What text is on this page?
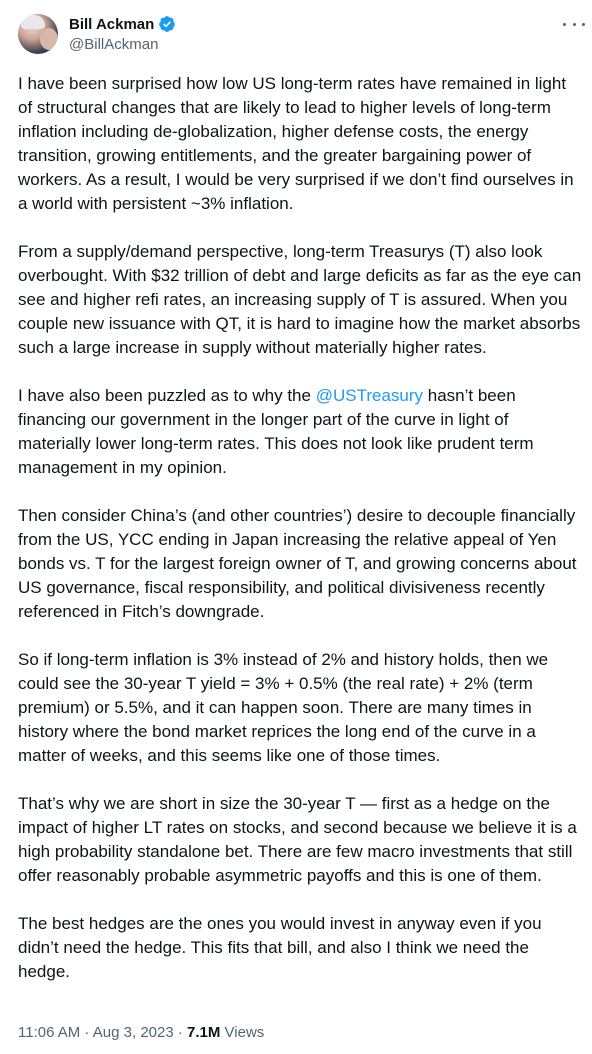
Bill Ackman
@BillAckman

I have been surprised how low US long-term rates have remained in light of structural changes that are likely to lead to higher levels of long-term inflation including de-globalization, higher defense costs, the energy transition, growing entitlements, and the greater bargaining power of workers. As a result, I would be very surprised if we don’t find ourselves in a world with persistent ~3% inflation.

From a supply/demand perspective, long-term Treasurys (T) also look overbought. With $32 trillion of debt and large deficits as far as the eye can see and higher refi rates, an increasing supply of T is assured. When you couple new issuance with QT, it is hard to imagine how the market absorbs such a large increase in supply without materially higher rates.

I have also been puzzled as to why the @USTreasury hasn’t been financing our government in the longer part of the curve in light of materially lower long-term rates. This does not look like prudent term management in my opinion.

Then consider China’s (and other countries’) desire to decouple financially from the US, YCC ending in Japan increasing the relative appeal of Yen bonds vs. T for the largest foreign owner of T, and growing concerns about US governance, fiscal responsibility, and political divisiveness recently referenced in Fitch’s downgrade.

So if long-term inflation is 3% instead of 2% and history holds, then we could see the 30-year T yield = 3% + 0.5% (the real rate) + 2% (term premium) or 5.5%, and it can happen soon. There are many times in history where the bond market reprices the long end of the curve in a matter of weeks, and this seems like one of those times.

That’s why we are short in size the 30-year T — first as a hedge on the impact of higher LT rates on stocks, and second because we believe it is a high probability standalone bet. There are few macro investments that still offer reasonably probable asymmetric payoffs and this is one of them.

The best hedges are the ones you would invest in anyway even if you didn’t need the hedge. This fits that bill, and also I think we need the hedge.

11:06 AM · Aug 3, 2023 · 7.1M Views
